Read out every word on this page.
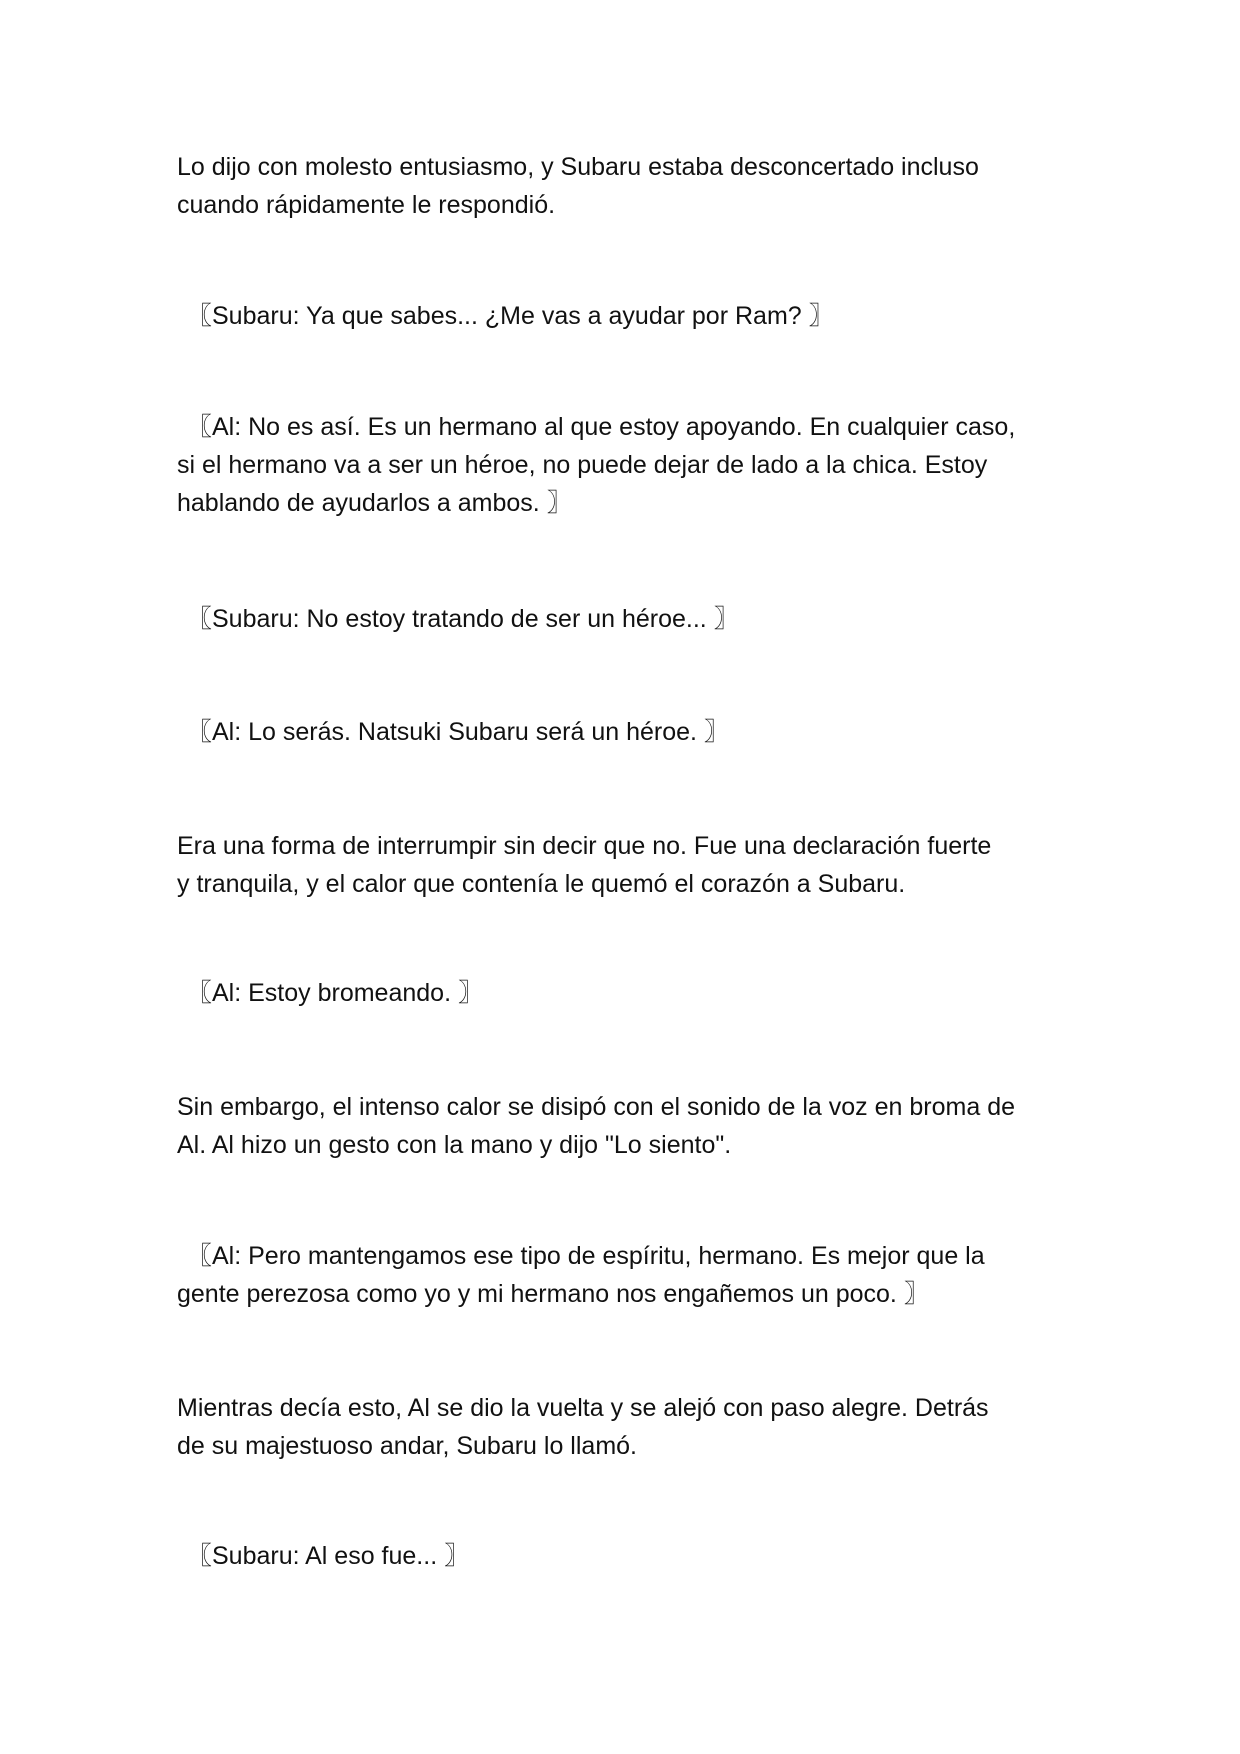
Lo dijo con molesto entusiasmo, y Subaru estaba desconcertado incluso
cuando rápidamente le respondió.

〖Subaru: Ya que sabes... ¿Me vas a ayudar por Ram? 〗

〖Al: No es así. Es un hermano al que estoy apoyando. En cualquier caso,
si el hermano va a ser un héroe, no puede dejar de lado a la chica. Estoy
hablando de ayudarlos a ambos. 〗

〖Subaru: No estoy tratando de ser un héroe... 〗

〖Al: Lo serás. Natsuki Subaru será un héroe. 〗

Era una forma de interrumpir sin decir que no. Fue una declaración fuerte
y tranquila, y el calor que contenía le quemó el corazón a Subaru.

〖Al: Estoy bromeando. 〗

Sin embargo, el intenso calor se disipó con el sonido de la voz en broma de
Al. Al hizo un gesto con la mano y dijo "Lo siento".

〖Al: Pero mantengamos ese tipo de espíritu, hermano. Es mejor que la
gente perezosa como yo y mi hermano nos engañemos un poco. 〗

Mientras decía esto, Al se dio la vuelta y se alejó con paso alegre. Detrás
de su majestuoso andar, Subaru lo llamó.

〖Subaru: Al eso fue... 〗
